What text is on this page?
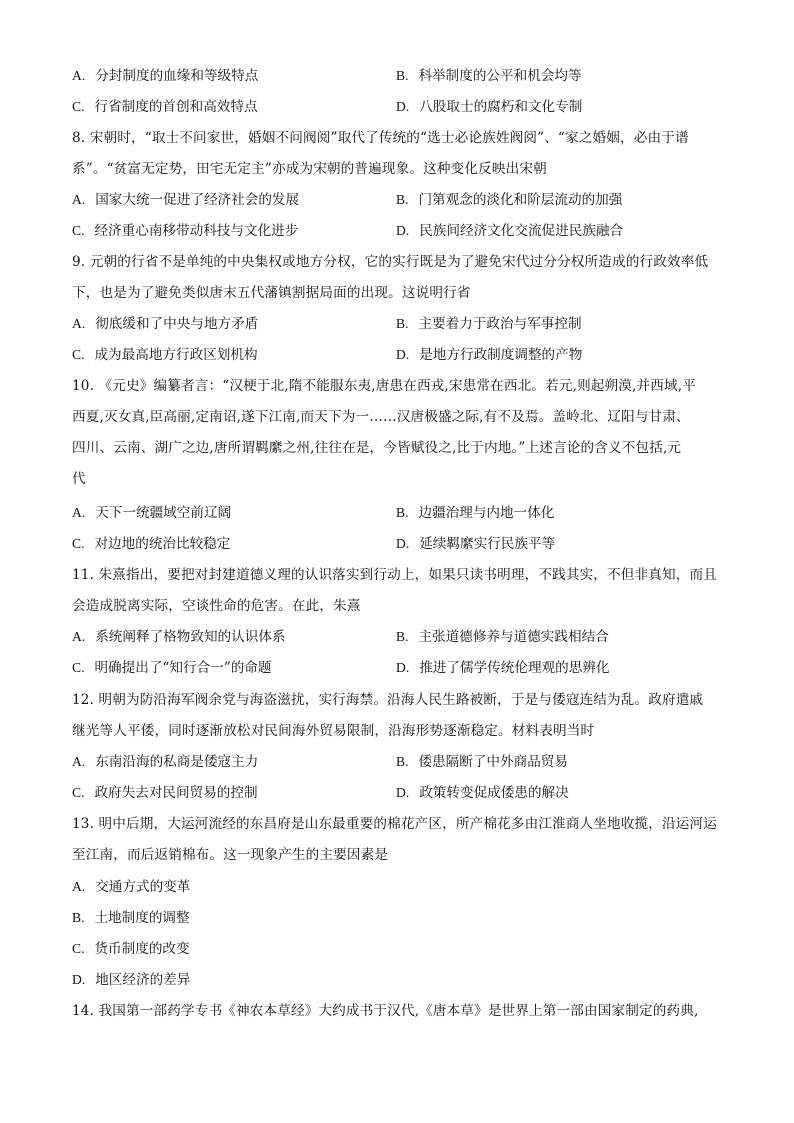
A. 分封制度的血缘和等级特点	B. 科举制度的公平和机会均等
C. 行省制度的首创和高效特点	D. 八股取士的腐朽和文化专制
8. 宋朝时，“取士不问家世，婚姻不问阀阅”取代了传统的“选士必论族姓阀阅”、“家之婚姻，必由于谱
系”。“贫富无定势，田宅无定主”亦成为宋朝的普遍现象。这种变化反映出宋朝
A. 国家大统一促进了经济社会的发展	B. 门第观念的淡化和阶层流动的加强
C. 经济重心南移带动科技与文化进步	D. 民族间经济文化交流促进民族融合
9. 元朝的行省不是单纯的中央集权或地方分权，它的实行既是为了避免宋代过分分权所造成的行政效率低
下，也是为了避免类似唐末五代藩镇割据局面的出现。这说明行省
A. 彻底缓和了中央与地方矛盾	B. 主要着力于政治与军事控制
C. 成为最高地方行政区划机构	D. 是地方行政制度调整的产物
10. 《元史》编纂者言：“汉梗于北,隋不能服东夷,唐患在西戎,宋患常在西北。若元,则起朔漠,并西域,平
西夏,灭女真,臣高丽,定南诏,遂下江南,而天下为一……汉唐极盛之际,有不及焉。盖岭北、辽阳与甘肃、
四川、云南、湖广之边,唐所谓羁縻之州,往往在是，今皆赋役之,比于内地。”上述言论的含义不包括,元
代
A. 天下一统疆域空前辽阔	B. 边疆治理与内地一体化
C. 对边地的统治比较稳定	D. 延续羁縻实行民族平等
11. 朱熹指出，要把对封建道德义理的认识落实到行动上，如果只读书明理，不践其实，不但非真知，而且
会造成脱离实际，空谈性命的危害。在此，朱熹
A. 系统阐释了格物致知的认识体系	B. 主张道德修养与道德实践相结合
C. 明确提出了“知行合一”的命题	D. 推进了儒学传统伦理观的思辨化
12. 明朝为防沿海军阀余党与海盗滋扰，实行海禁。沿海人民生路被断，于是与倭寇连结为乱。政府遣戚
继光等人平倭，同时逐渐放松对民间海外贸易限制，沿海形势逐渐稳定。材料表明当时
A. 东南沿海的私商是倭寇主力	B. 倭患隔断了中外商品贸易
C. 政府失去对民间贸易的控制	D. 政策转变促成倭患的解决
13. 明中后期，大运河流经的东昌府是山东最重要的棉花产区，所产棉花多由江淮商人坐地收揽，沿运河运
至江南，而后返销棉布。这一现象产生的主要因素是
A. 交通方式的变革
B. 土地制度的调整
C. 货币制度的改变
D. 地区经济的差异
14. 我国第一部药学专书《神农本草经》大约成书于汉代,《唐本草》是世界上第一部由国家制定的药典,
